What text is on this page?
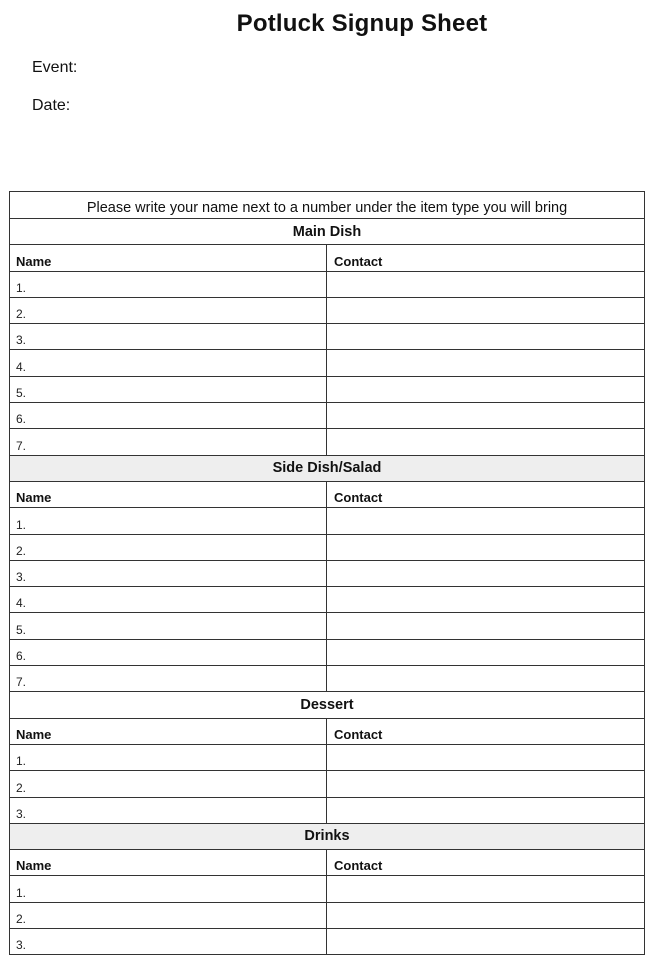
Potluck Signup Sheet
Event:
Date:
Please write your name next to a number under the item type you will bring
Main Dish
Name	Contact
1.
2.
3.
4.
5.
6.
7.
Side Dish/Salad
Name	Contact
1.
2.
3.
4.
5.
6.
7.
Dessert
Name	Contact
1.
2.
3.
Drinks
Name	Contact
1.
2.
3.
